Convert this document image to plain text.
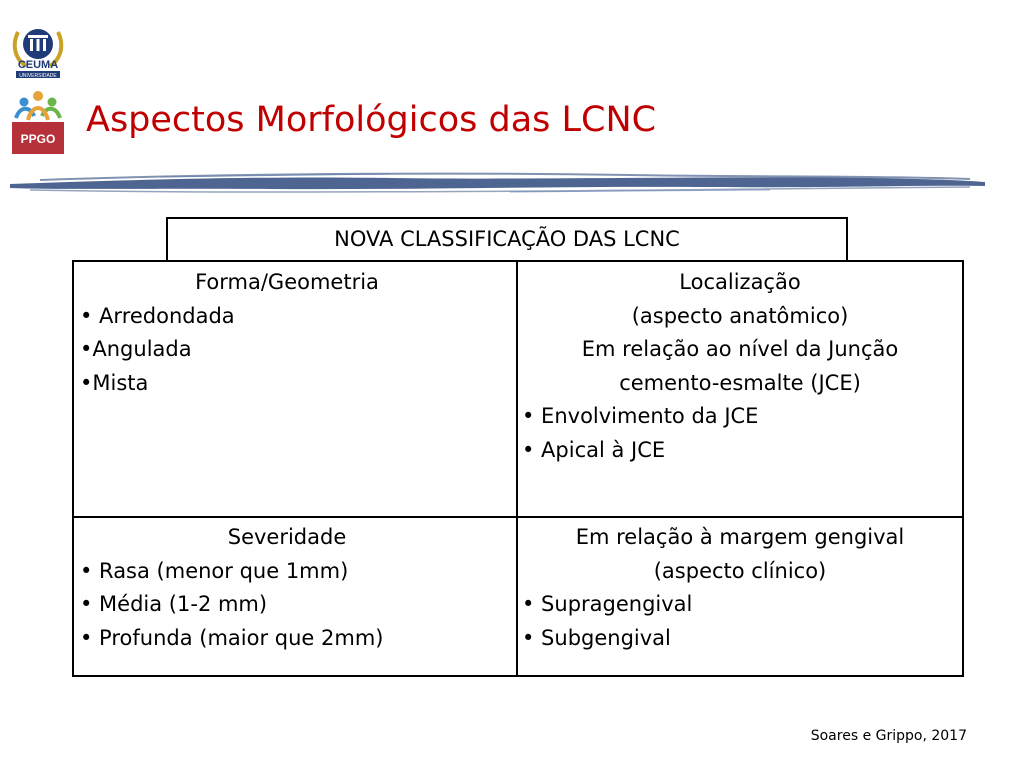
CEUMA
UNIVERSIDADE
PPGO Aspectos Morfológicos das LCNC
NOVA CLASSIFICAÇÃO DAS LCNC
Forma/Geometria
• Arredondada
•Angulada
•Mista
Localização
(aspecto anatômico)
Em relação ao nível da Junção
cemento-esmalte (JCE)
• Envolvimento da JCE
• Apical à JCE
Severidade
• Rasa (menor que 1mm)
• Média (1-2 mm)
• Profunda (maior que 2mm)
Em relação à margem gengival
(aspecto clínico)
• Supragengival
• Subgengival
Soares e Grippo, 2017
